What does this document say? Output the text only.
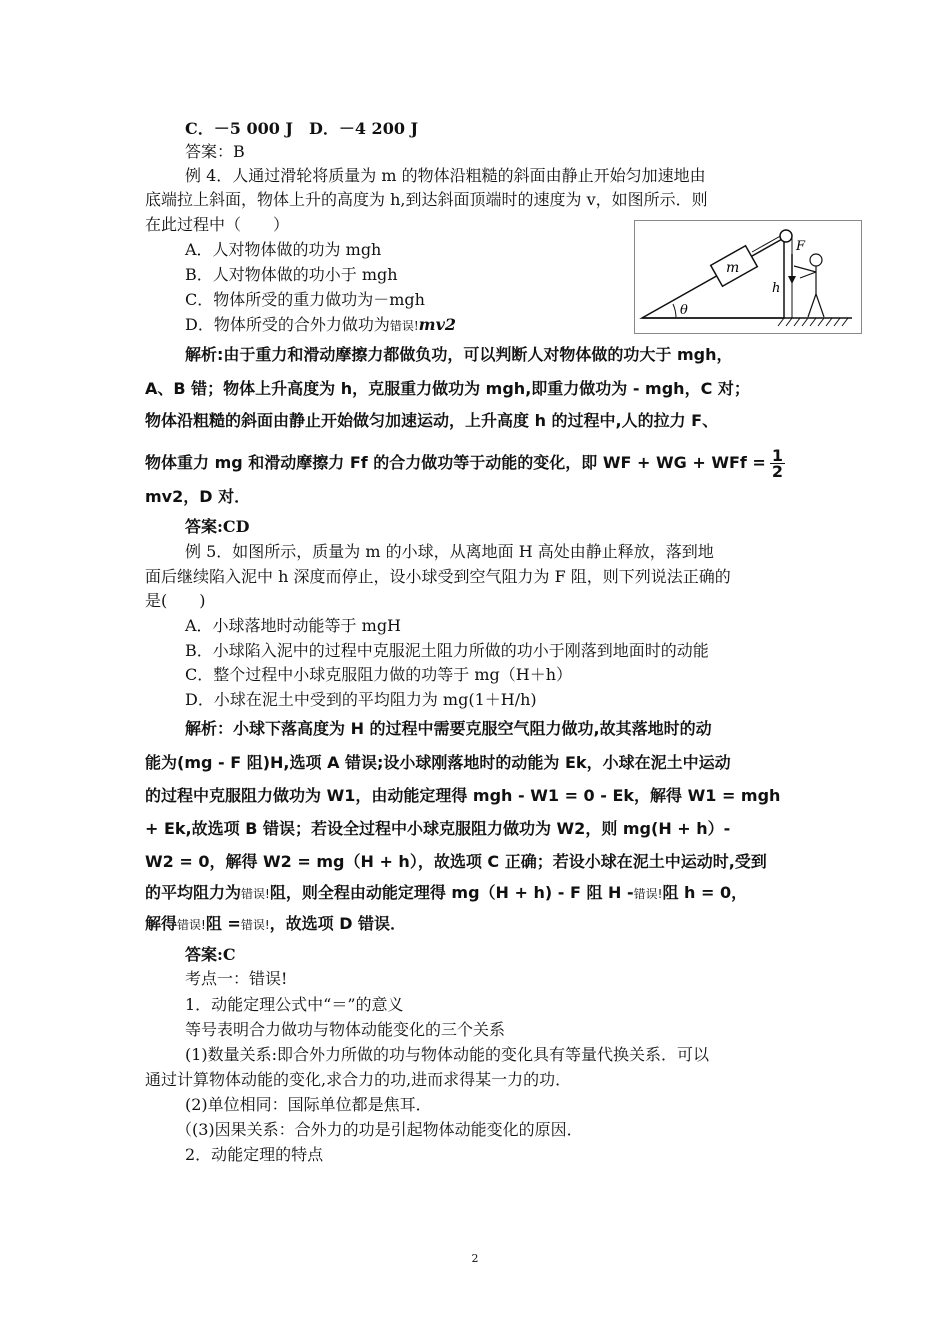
C．－5 000 J　D．－4 200 J
答案：B
例 4．人通过滑轮将质量为 m 的物体沿粗糙的斜面由静止开始匀加速地由
底端拉上斜面，物体上升的高度为 h,到达斜面顶端时的速度为 v，如图所示．则
在此过程中（　　）
A．人对物体做的功为 mgh
B．人对物体做的功小于 mgh
C．物体所受的重力做功为－mgh
D．物体所受的合外力做功为错误!mv2
θ
m
h
F
解析:由于重力和滑动摩擦力都做负功，可以判断人对物体做的功大于 mgh，
A、B 错；物体上升高度为 h，克服重力做功为 mgh,即重力做功为 - mgh，C 对；
物体沿粗糙的斜面由静止开始做匀加速运动，上升高度 h 的过程中,人的拉力 F、
物体重力 mg 和滑动摩擦力 Ff 的合力做功等于动能的变化，即 WF + WG + WFf = $\frac{1}{2}$
mv2，D 对．
答案:CD
例 5．如图所示，质量为 m 的小球，从离地面 H 高处由静止释放，落到地
面后继续陷入泥中 h 深度而停止，设小球受到空气阻力为 F 阻，则下列说法正确的
是(　　)
A．小球落地时动能等于 mgH
B．小球陷入泥中的过程中克服泥土阻力所做的功小于刚落到地面时的动能
C．整个过程中小球克服阻力做的功等于 mg（H＋h）
D．小球在泥土中受到的平均阻力为 mg(1＋H/h)
解析：小球下落高度为 H 的过程中需要克服空气阻力做功,故其落地时的动
能为(mg - F 阻)H,选项 A 错误;设小球刚落地时的动能为 Ek，小球在泥土中运动
的过程中克服阻力做功为 W1，由动能定理得 mgh - W1 = 0 - Ek，解得 W1 = mgh
+ Ek,故选项 B 错误；若设全过程中小球克服阻力做功为 W2，则 mg(H + h）-
W2 = 0，解得 W2 = mg（H + h），故选项 C 正确；若设小球在泥土中运动时,受到
的平均阻力为错误!阻，则全程由动能定理得 mg（H + h) - F 阻 H -错误!阻 h = 0，
解得错误!阻 =错误!，故选项 D 错误．
答案:C
考点一：错误!
1．动能定理公式中“＝”的意义
等号表明合力做功与物体动能变化的三个关系
(1)数量关系:即合外力所做的功与物体动能的变化具有等量代换关系．可以
通过计算物体动能的变化,求合力的功,进而求得某一力的功．
(2)单位相同：国际单位都是焦耳．
（(3)因果关系：合外力的功是引起物体动能变化的原因．
2．动能定理的特点
2
